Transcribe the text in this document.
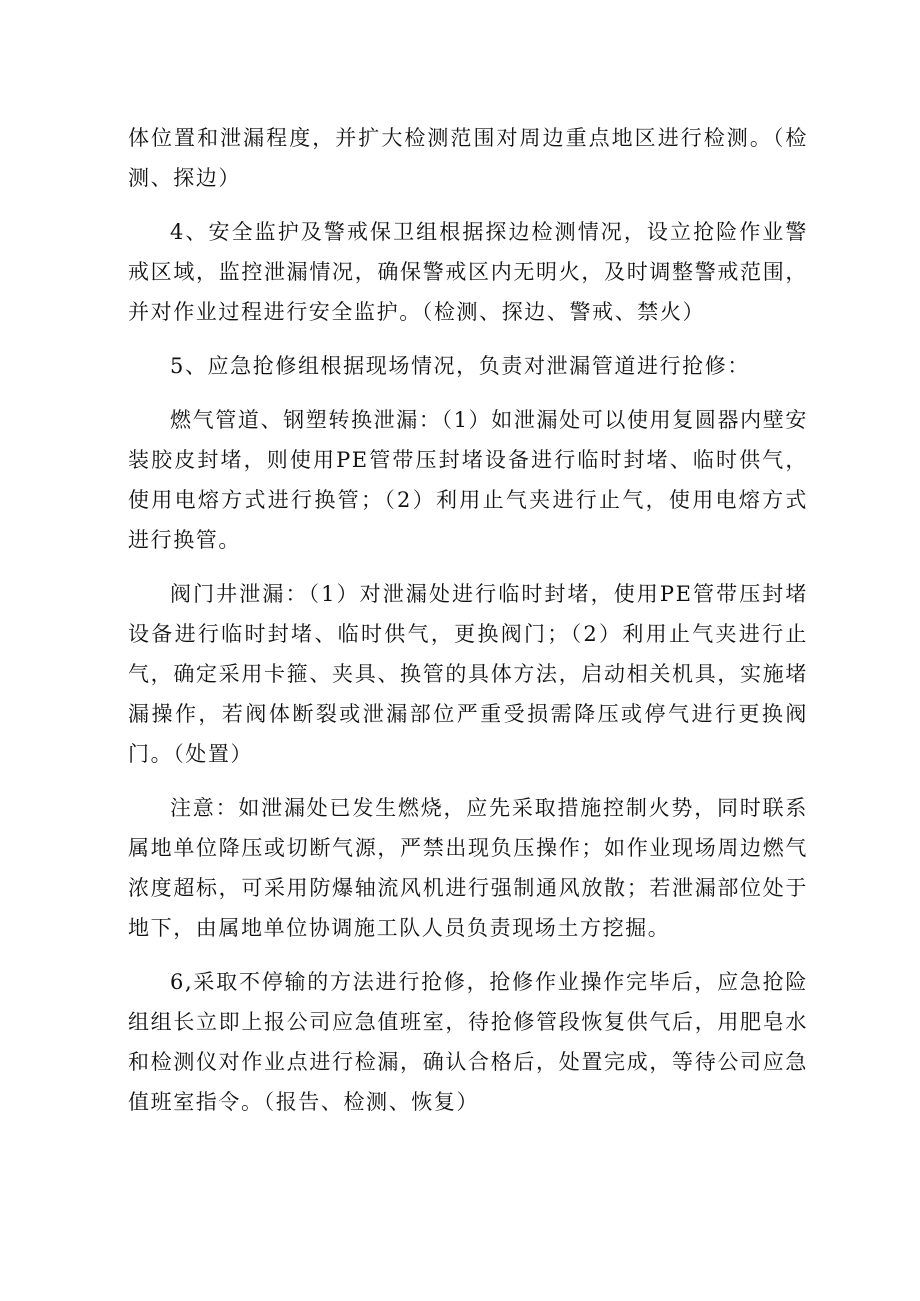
体位置和泄漏程度，并扩大检测范围对周边重点地区进行检测。（检测、探边）

4、安全监护及警戒保卫组根据探边检测情况，设立抢险作业警戒区域，监控泄漏情况，确保警戒区内无明火，及时调整警戒范围，并对作业过程进行安全监护。（检测、探边、警戒、禁火）

5、应急抢修组根据现场情况，负责对泄漏管道进行抢修：

燃气管道、钢塑转换泄漏：（1）如泄漏处可以使用复圆器内壁安装胶皮封堵，则使用PE管带压封堵设备进行临时封堵、临时供气，使用电熔方式进行换管；（2）利用止气夹进行止气，使用电熔方式进行换管。

阀门井泄漏：（1）对泄漏处进行临时封堵，使用PE管带压封堵设备进行临时封堵、临时供气，更换阀门；（2）利用止气夹进行止气，确定采用卡箍、夹具、换管的具体方法，启动相关机具，实施堵漏操作，若阀体断裂或泄漏部位严重受损需降压或停气进行更换阀门。（处置）

注意：如泄漏处已发生燃烧，应先采取措施控制火势，同时联系属地单位降压或切断气源，严禁出现负压操作；如作业现场周边燃气浓度超标，可采用防爆轴流风机进行强制通风放散；若泄漏部位处于地下，由属地单位协调施工队人员负责现场土方挖掘。

6,采取不停输的方法进行抢修，抢修作业操作完毕后，应急抢险组组长立即上报公司应急值班室，待抢修管段恢复供气后，用肥皂水和检测仪对作业点进行检漏，确认合格后，处置完成，等待公司应急值班室指令。（报告、检测、恢复）
